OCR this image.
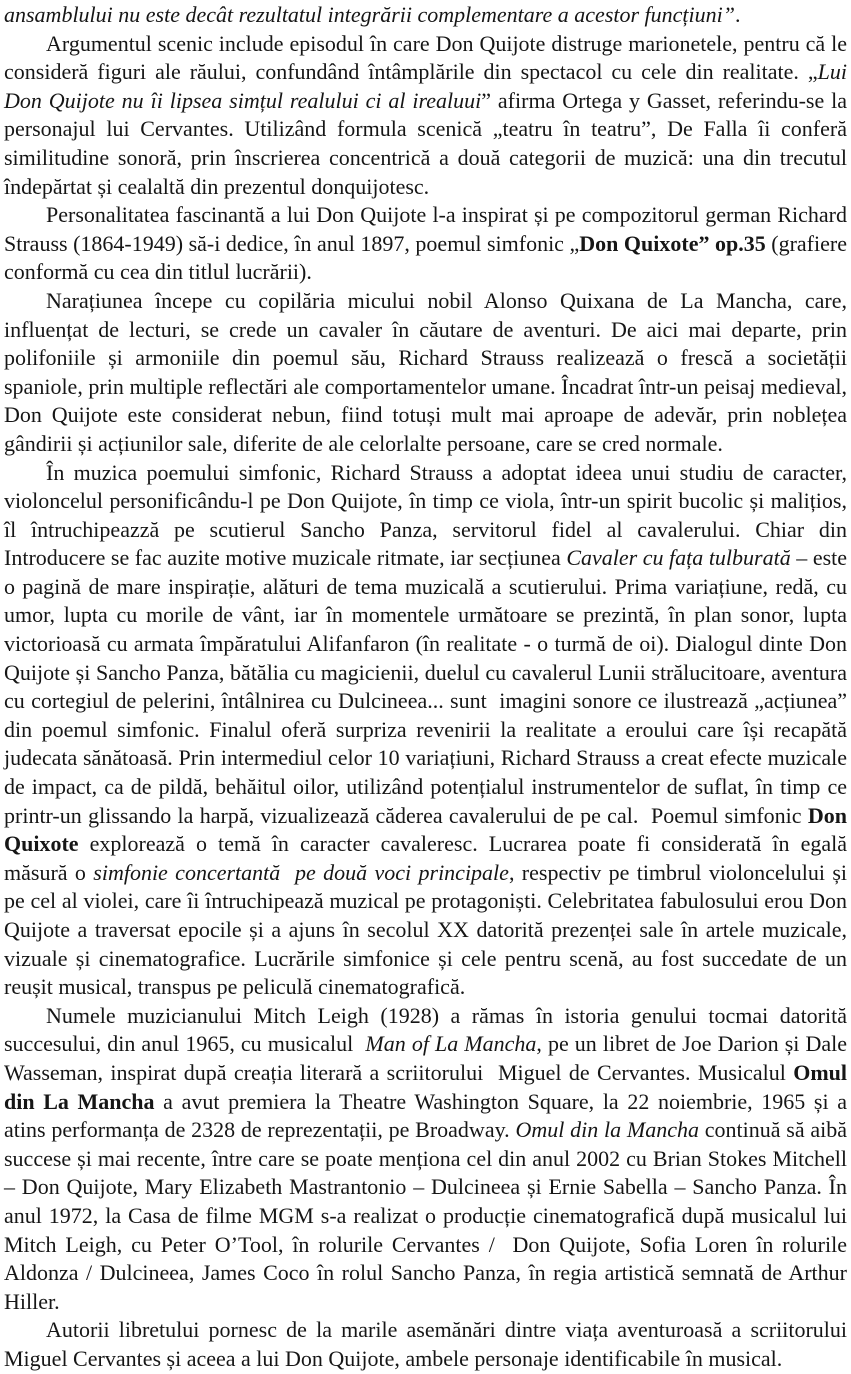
ansamblului nu este decât rezultatul integrării complementare a acestor funcțiuni”.

Argumentul scenic include episodul în care Don Quijote distruge marionetele, pentru că le consideră figuri ale răului, confundând întâmplările din spectacol cu cele din realitate. „Lui Don Quijote nu îi lipsea simțul realului ci al irealuui” afirma Ortega y Gasset, referindu-se la personajul lui Cervantes. Utilizând formula scenică „teatru în teatru”, De Falla îi conferă similitudine sonoră, prin înscrierea concentrică a două categorii de muzică: una din trecutul îndepărtat și cealaltă din prezentul donquijotesc.

Personalitatea fascinantă a lui Don Quijote l-a inspirat și pe compozitorul german Richard Strauss (1864-1949) să-i dedice, în anul 1897, poemul simfonic „Don Quixote” op.35 (grafiere conformă cu cea din titlul lucrării).

Narațiunea începe cu copilăria micului nobil Alonso Quixana de La Mancha, care, influențat de lecturi, se crede un cavaler în căutare de aventuri. De aici mai departe, prin polifoniile și armoniile din poemul său, Richard Strauss realizează o frescă a societății spaniole, prin multiple reflectări ale comportamentelor umane. Încadrat într-un peisaj medieval, Don Quijote este considerat nebun, fiind totuși mult mai aproape de adevăr, prin noblețea gândirii și acțiunilor sale, diferite de ale celorlalte persoane, care se cred normale.

În muzica poemului simfonic, Richard Strauss a adoptat ideea unui studiu de caracter, violoncelul personificându-l pe Don Quijote, în timp ce viola, într-un spirit bucolic și malițios, îl întruchipeazză pe scutierul Sancho Panza, servitorul fidel al cavalerului. Chiar din Introducere se fac auzite motive muzicale ritmate, iar secțiunea Cavaler cu fața tulburată – este o pagină de mare inspirație, alături de tema muzicală a scutierului. Prima variațiune, redă, cu umor, lupta cu morile de vânt, iar în momentele următoare se prezintă, în plan sonor, lupta victorioasă cu armata împăratului Alifanfaron (în realitate - o turmă de oi). Dialogul dinte Don Quijote și Sancho Panza, bătălia cu magicienii, duelul cu cavalerul Lunii strălucitoare, aventura cu cortegiul de pelerini, întâlnirea cu Dulcineea... sunt  imagini sonore ce ilustrează „acțiunea” din poemul simfonic. Finalul oferă surpriza revenirii la realitate a eroului care își recapătă judecata sănătoasă. Prin intermediul celor 10 variațiuni, Richard Strauss a creat efecte muzicale de impact, ca de pildă, behăitul oilor, utilizând potențialul instrumentelor de suflat, în timp ce printr-un glissando la harpă, vizualizează căderea cavalerului de pe cal.  Poemul simfonic Don Quixote explorează o temă în caracter cavaleresc. Lucrarea poate fi considerată în egală măsură o simfonie concertantă  pe două voci principale, respectiv pe timbrul violoncelului și pe cel al violei, care îi întruchipează muzical pe protagoniști. Celebritatea fabulosului erou Don Quijote a traversat epocile și a ajuns în secolul XX datorită prezenței sale în artele muzicale, vizuale și cinematografice. Lucrările simfonice și cele pentru scenă, au fost succedate de un reușit musical, transpus pe peliculă cinematografică.

Numele muzicianului Mitch Leigh (1928) a rămas în istoria genului tocmai datorită succesului, din anul 1965, cu musicalul  Man of La Mancha, pe un libret de Joe Darion și Dale Wasseman, inspirat după creația literară a scriitorului  Miguel de Cervantes. Musicalul Omul din La Mancha a avut premiera la Theatre Washington Square, la 22 noiembrie, 1965 și a atins performanța de 2328 de reprezentații, pe Broadway. Omul din la Mancha continuă să aibă succese și mai recente, între care se poate menționa cel din anul 2002 cu Brian Stokes Mitchell – Don Quijote, Mary Elizabeth Mastrantonio – Dulcineea și Ernie Sabella – Sancho Panza. În anul 1972, la Casa de filme MGM s-a realizat o producție cinematografică după musicalul lui Mitch Leigh, cu Peter O’Tool, în rolurile Cervantes /  Don Quijote, Sofia Loren în rolurile Aldonza / Dulcineea, James Coco în rolul Sancho Panza, în regia artistică semnată de Arthur Hiller.

Autorii libretului pornesc de la marile asemănări dintre viața aventuroasă a scriitorului Miguel Cervantes și aceea a lui Don Quijote, ambele personaje identificabile în musical.
